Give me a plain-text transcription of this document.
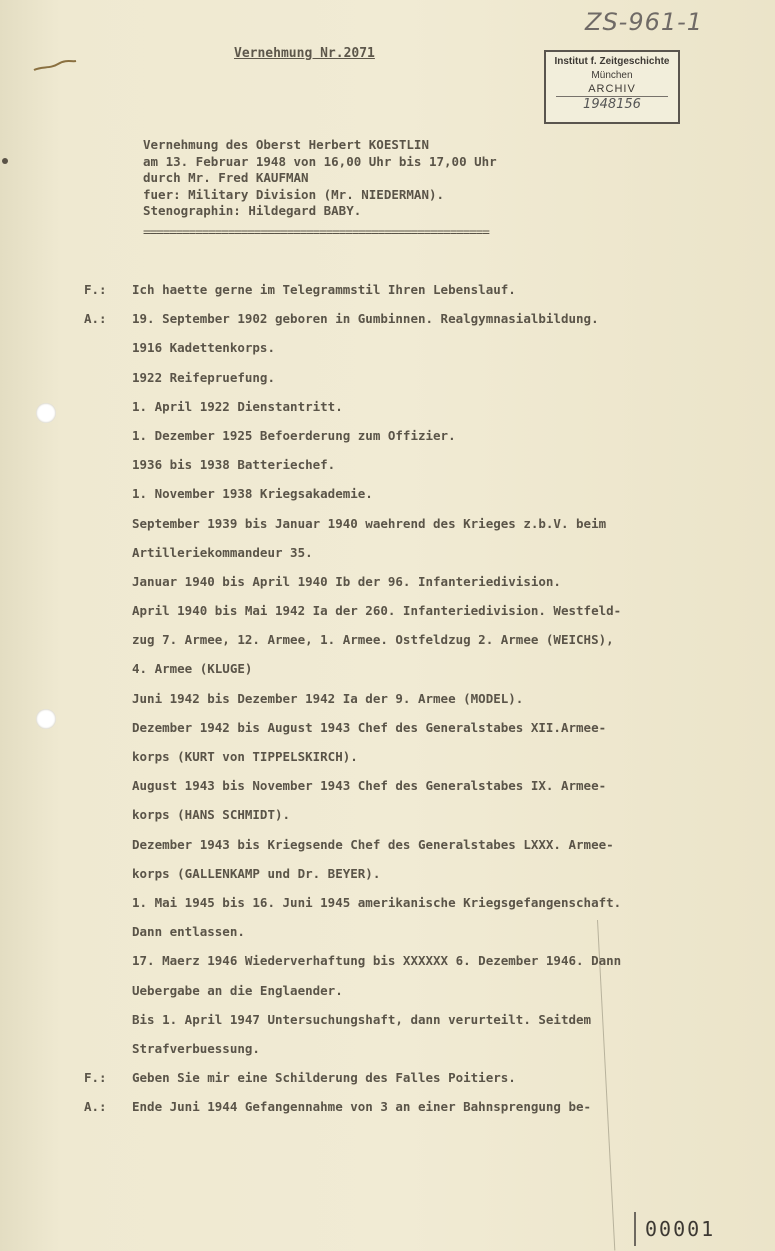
ZS-961-1
Institut f. Zeitgeschichte
München
ARCHIV
1948156
Vernehmung Nr.2071
Vernehmung des Oberst Herbert KOESTLIN
am 13. Februar 1948 von 16,00 Uhr bis 17,00 Uhr
durch Mr. Fred KAUFMAN
fuer: Military Division (Mr. NIEDERMAN).
Stenographin: Hildegard BABY.
=====================================================
F.:	Ich haette gerne im Telegrammstil Ihren Lebenslauf.
A.:	19. September 1902 geboren in Gumbinnen. Realgymnasialbildung.
1916 Kadettenkorps.
1922 Reifepruefung.
1. April 1922 Dienstantritt.
1. Dezember 1925 Befoerderung zum Offizier.
1936 bis 1938 Batteriechef.
1. November 1938 Kriegsakademie.
September 1939 bis Januar 1940 waehrend des Krieges z.b.V. beim
Artilleriekommandeur 35.
Januar 1940 bis April 1940 Ib der 96. Infanteriedivision.
April 1940 bis Mai 1942 Ia der 260. Infanteriedivision. Westfeld-
zug 7. Armee, 12. Armee, 1. Armee. Ostfeldzug 2. Armee (WEICHS),
4. Armee (KLUGE)
Juni 1942 bis Dezember 1942 Ia der 9. Armee (MODEL).
Dezember 1942 bis August 1943 Chef des Generalstabes XII.Armee-
korps (KURT von TIPPELSKIRCH).
August 1943 bis November 1943 Chef des Generalstabes IX. Armee-
korps (HANS SCHMIDT).
Dezember 1943 bis Kriegsende Chef des Generalstabes LXXX. Armee-
korps (GALLENKAMP und Dr. BEYER).
1. Mai 1945 bis 16. Juni 1945 amerikanische Kriegsgefangenschaft.
Dann entlassen.
17. Maerz 1946 Wiederverhaftung bis XXXXXX 6. Dezember 1946. Dann
Uebergabe an die Englaender.
Bis 1. April 1947 Untersuchungshaft, dann verurteilt. Seitdem
Strafverbuessung.
F.:	Geben Sie mir eine Schilderung des Falles Poitiers.
A.:	Ende Juni 1944 Gefangennahme von 3 an einer Bahnsprengung be-
00001
